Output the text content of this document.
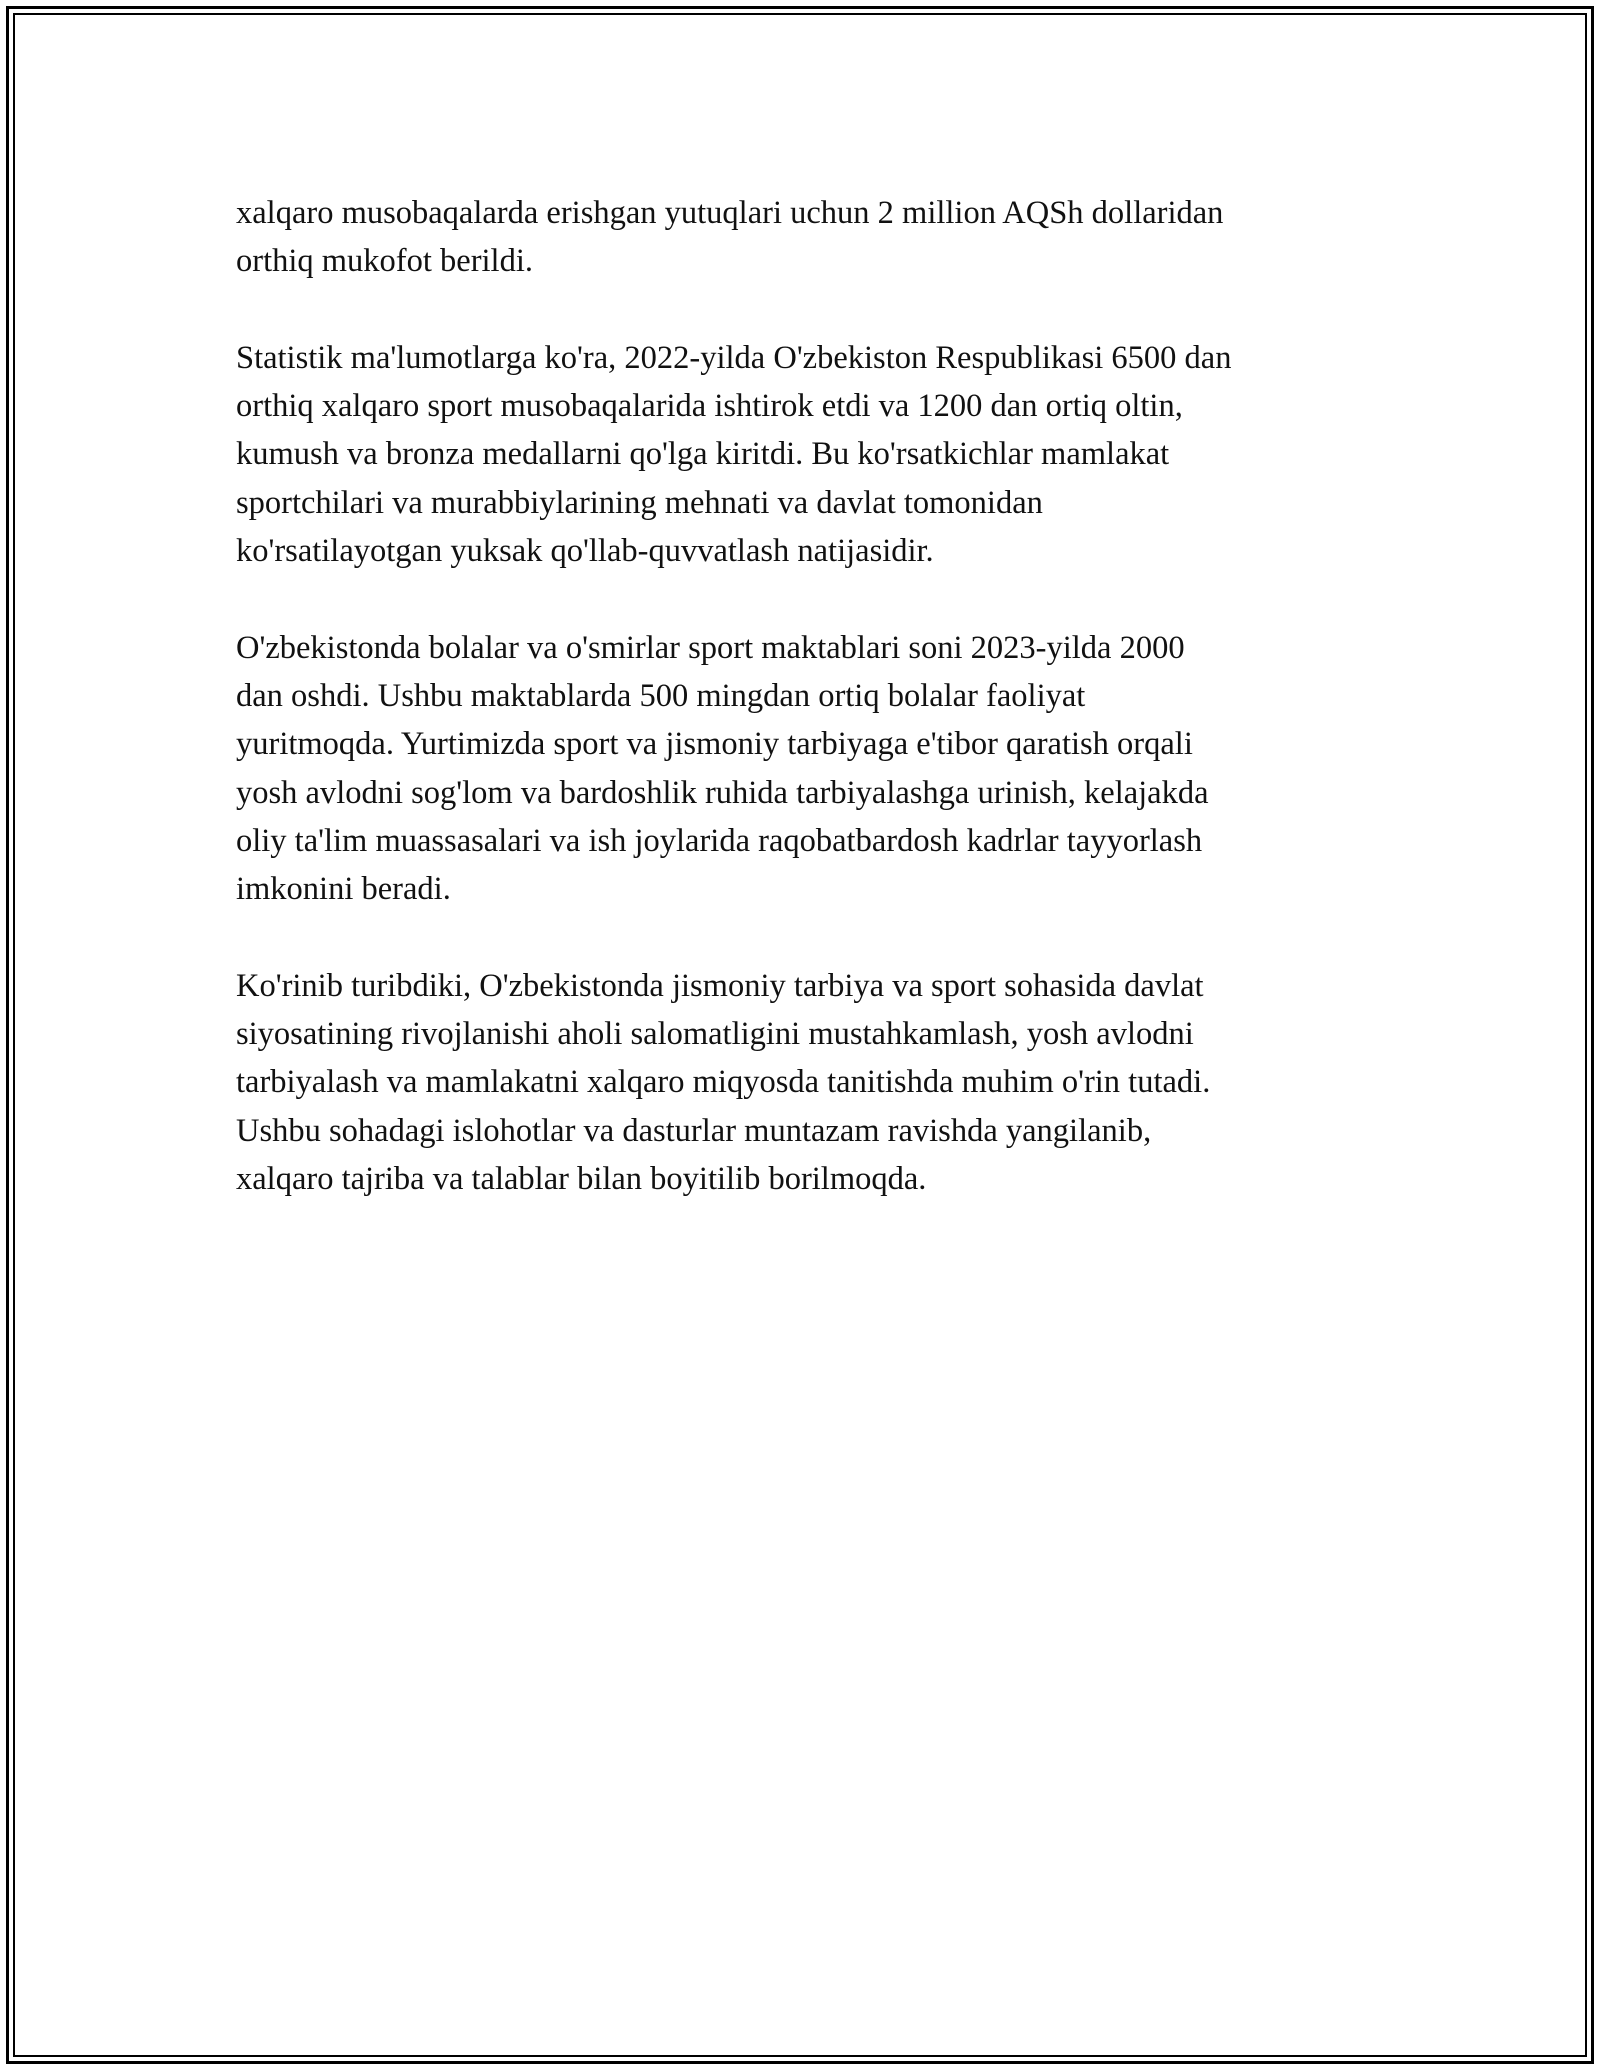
xalqaro musobaqalarda erishgan yutuqlari uchun 2 million AQSh dollaridan
orthiq mukofot berildi.

Statistik ma'lumotlarga ko'ra, 2022-yilda O'zbekiston Respublikasi 6500 dan
orthiq xalqaro sport musobaqalarida ishtirok etdi va 1200 dan ortiq oltin,
kumush va bronza medallarni qo'lga kiritdi. Bu ko'rsatkichlar mamlakat
sportchilari va murabbiylarining mehnati va davlat tomonidan
ko'rsatilayotgan yuksak qo'llab-quvvatlash natijasidir.

O'zbekistonda bolalar va o'smirlar sport maktablari soni 2023-yilda 2000
dan oshdi. Ushbu maktablarda 500 mingdan ortiq bolalar faoliyat
yuritmoqda. Yurtimizda sport va jismoniy tarbiyaga e'tibor qaratish orqali
yosh avlodni sog'lom va bardoshlik ruhida tarbiyalashga urinish, kelajakda
oliy ta'lim muassasalari va ish joylarida raqobatbardosh kadrlar tayyorlash
imkonini beradi.

Ko'rinib turibdiki, O'zbekistonda jismoniy tarbiya va sport sohasida davlat
siyosatining rivojlanishi aholi salomatligini mustahkamlash, yosh avlodni
tarbiyalash va mamlakatni xalqaro miqyosda tanitishda muhim o'rin tutadi.
Ushbu sohadagi islohotlar va dasturlar muntazam ravishda yangilanib,
xalqaro tajriba va talablar bilan boyitilib borilmoqda.
